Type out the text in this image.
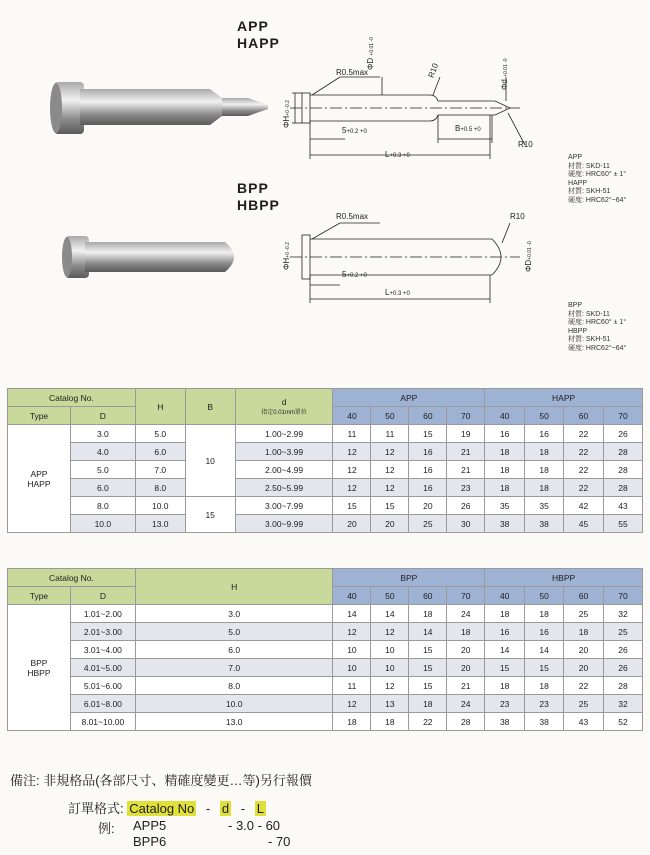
APP
HAPP
R0.5max	R10
R10
ΦD +0.01 -0
Φd +0.01 -0
ΦH+0 -0.2
5+0.2 +0	B+0.5 +0
L+0.3 +0	APP
材質: SKD-11
硬度: HRC60° ± 1°
HAPP
材質: SKH-51
硬度: HRC62°~64°
BPP
HBPP
R0.5max	R10
ΦH+0 -0.2
ΦD+0.01 -0
5+0.2 +0
L+0.3 +0
BPP
材質: SKD-11
硬度: HRC60° ± 1°
HBPP
材質: SKH-51
硬度: HRC62°~64°
Catalog No.		H	B	d
指定0.01mm單位	APP				HAPP			
Type	D				40	50	60	70	40	50	60	70

APP
HAPP	3.0	5.0	10	1.00~2.99	11	11	15	19	16	16	22	26
	4.0	6.0		1.00~3.99	12	12	16	21	18	18	22	28
	5.0	7.0		2.00~4.99	12	12	16	21	18	18	22	28
	6.0	8.0		2.50~5.99	12	12	16	23	18	18	22	28
	8.0	10.0	15	3.00~7.99	15	15	20	26	35	35	42	43
	10.0	13.0		3.00~9.99	20	20	25	30	38	38	45	55
Catalog No.		H	BPP				HBPP			
Type	D		40	50	60	70	40	50	60	70

BPP
HBPP	1.01~2.00	3.0	14	14	18	24	18	18	25	32
	2.01~3.00	5.0	12	12	14	18	16	16	18	25
	3.01~4.00	6.0	10	10	15	20	14	14	20	26
	4.01~5.00	7.0	10	10	15	20	15	15	20	26
	5.01~6.00	8.0	11	12	15	21	18	18	22	28
	6.01~8.00	10.0	12	13	18	24	23	23	25	32
	8.01~10.00	13.0	18	18	22	28	38	38	43	52
備注: 非規格品(各部尺寸、精確度變更…等)另行報價
訂單格式: Catalog No - d - L
例: APP5	- 3.0 - 60
BPP6	- 70
